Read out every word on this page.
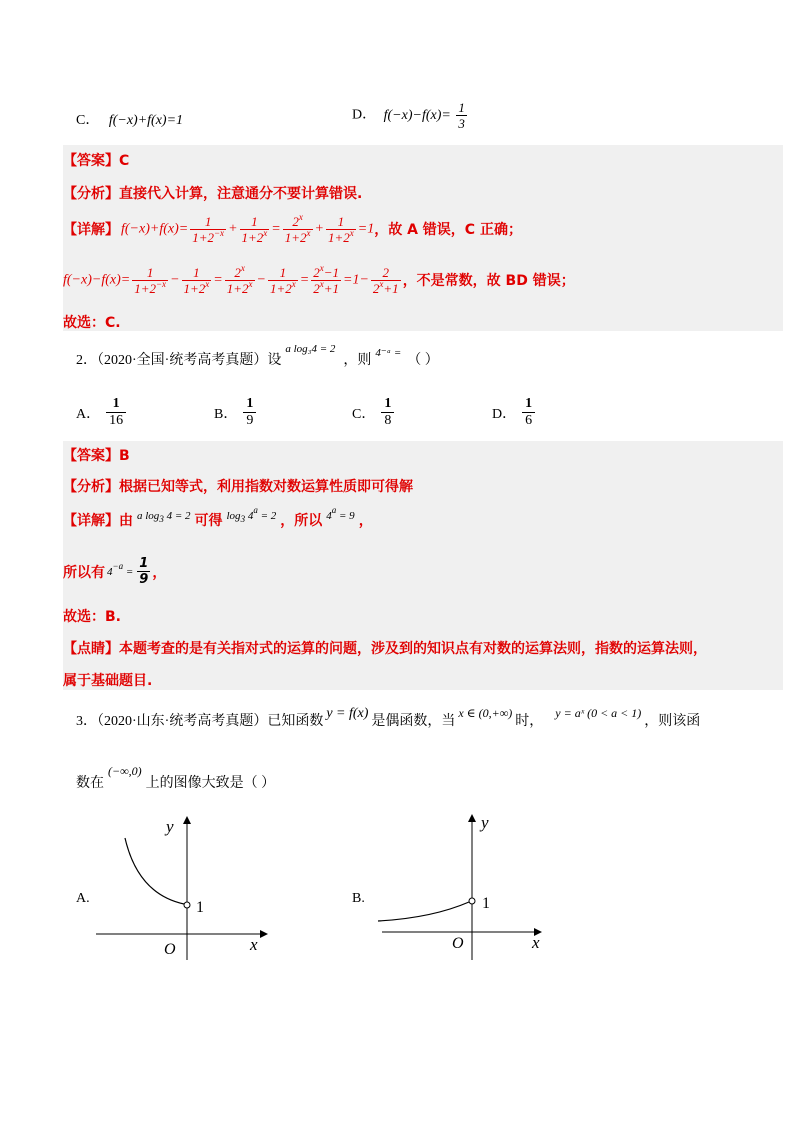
C． f(−x)+f(x)=1	D． $f(-x)-f(x)= \frac{1}{3}$
【答案】C
【分析】直接代入计算，注意通分不要计算错误.
【详解】 $f(-x)+f(x)= \frac{1}{1+2^{-x}} + \frac{1}{1+2^x} = \frac{2^x}{1+2^x} + \frac{1}{1+2^x} =1$ ，故 A 错误，C 正确；
$f(-x)-f(x)= \frac{1}{1+2^{-x}} - \frac{1}{1+2^x} = \frac{2^x}{1+2^x} - \frac{1}{1+2^x} = \frac{2^x-1}{2^x+1} =1- \frac{2}{2^x+1}$ ，不是常数，故 BD 错误；
故选：C.
2．（2020·全国·统考高考真题）设$^{a log_34 = 2}$，则 $^{4^-ᵃ =}$ （ ）
A． $\frac{1}{16}$	B． $\frac{1}{9}$	C． $\frac{1}{8}$	D． $\frac{1}{6}$
【答案】B
【分析】根据已知等式，利用指数对数运算性质即可得解
【详解】由 $^{a log_3 4 = 2}$ 可得 $^{log_3 4^a = 2}$ ，所以 $^{4^a = 9}$ ，
所以有 $4^{-a} = \frac{1}{9}$ ，
故选：B.
【点睛】本题考查的是有关指对式的运算的问题，涉及到的知识点有对数的运算法则，指数的运算法则，
属于基础题目.
3．（2020·山东·统考高考真题）已知函数y = f(x)是偶函数，当x ∈ (0,+∞)时，y = aˣ (0 < a < 1)，则该函
数在(−∞,0)上的图像大致是（ ）
A.
y
x
O
1
B.
y
x
O
1
